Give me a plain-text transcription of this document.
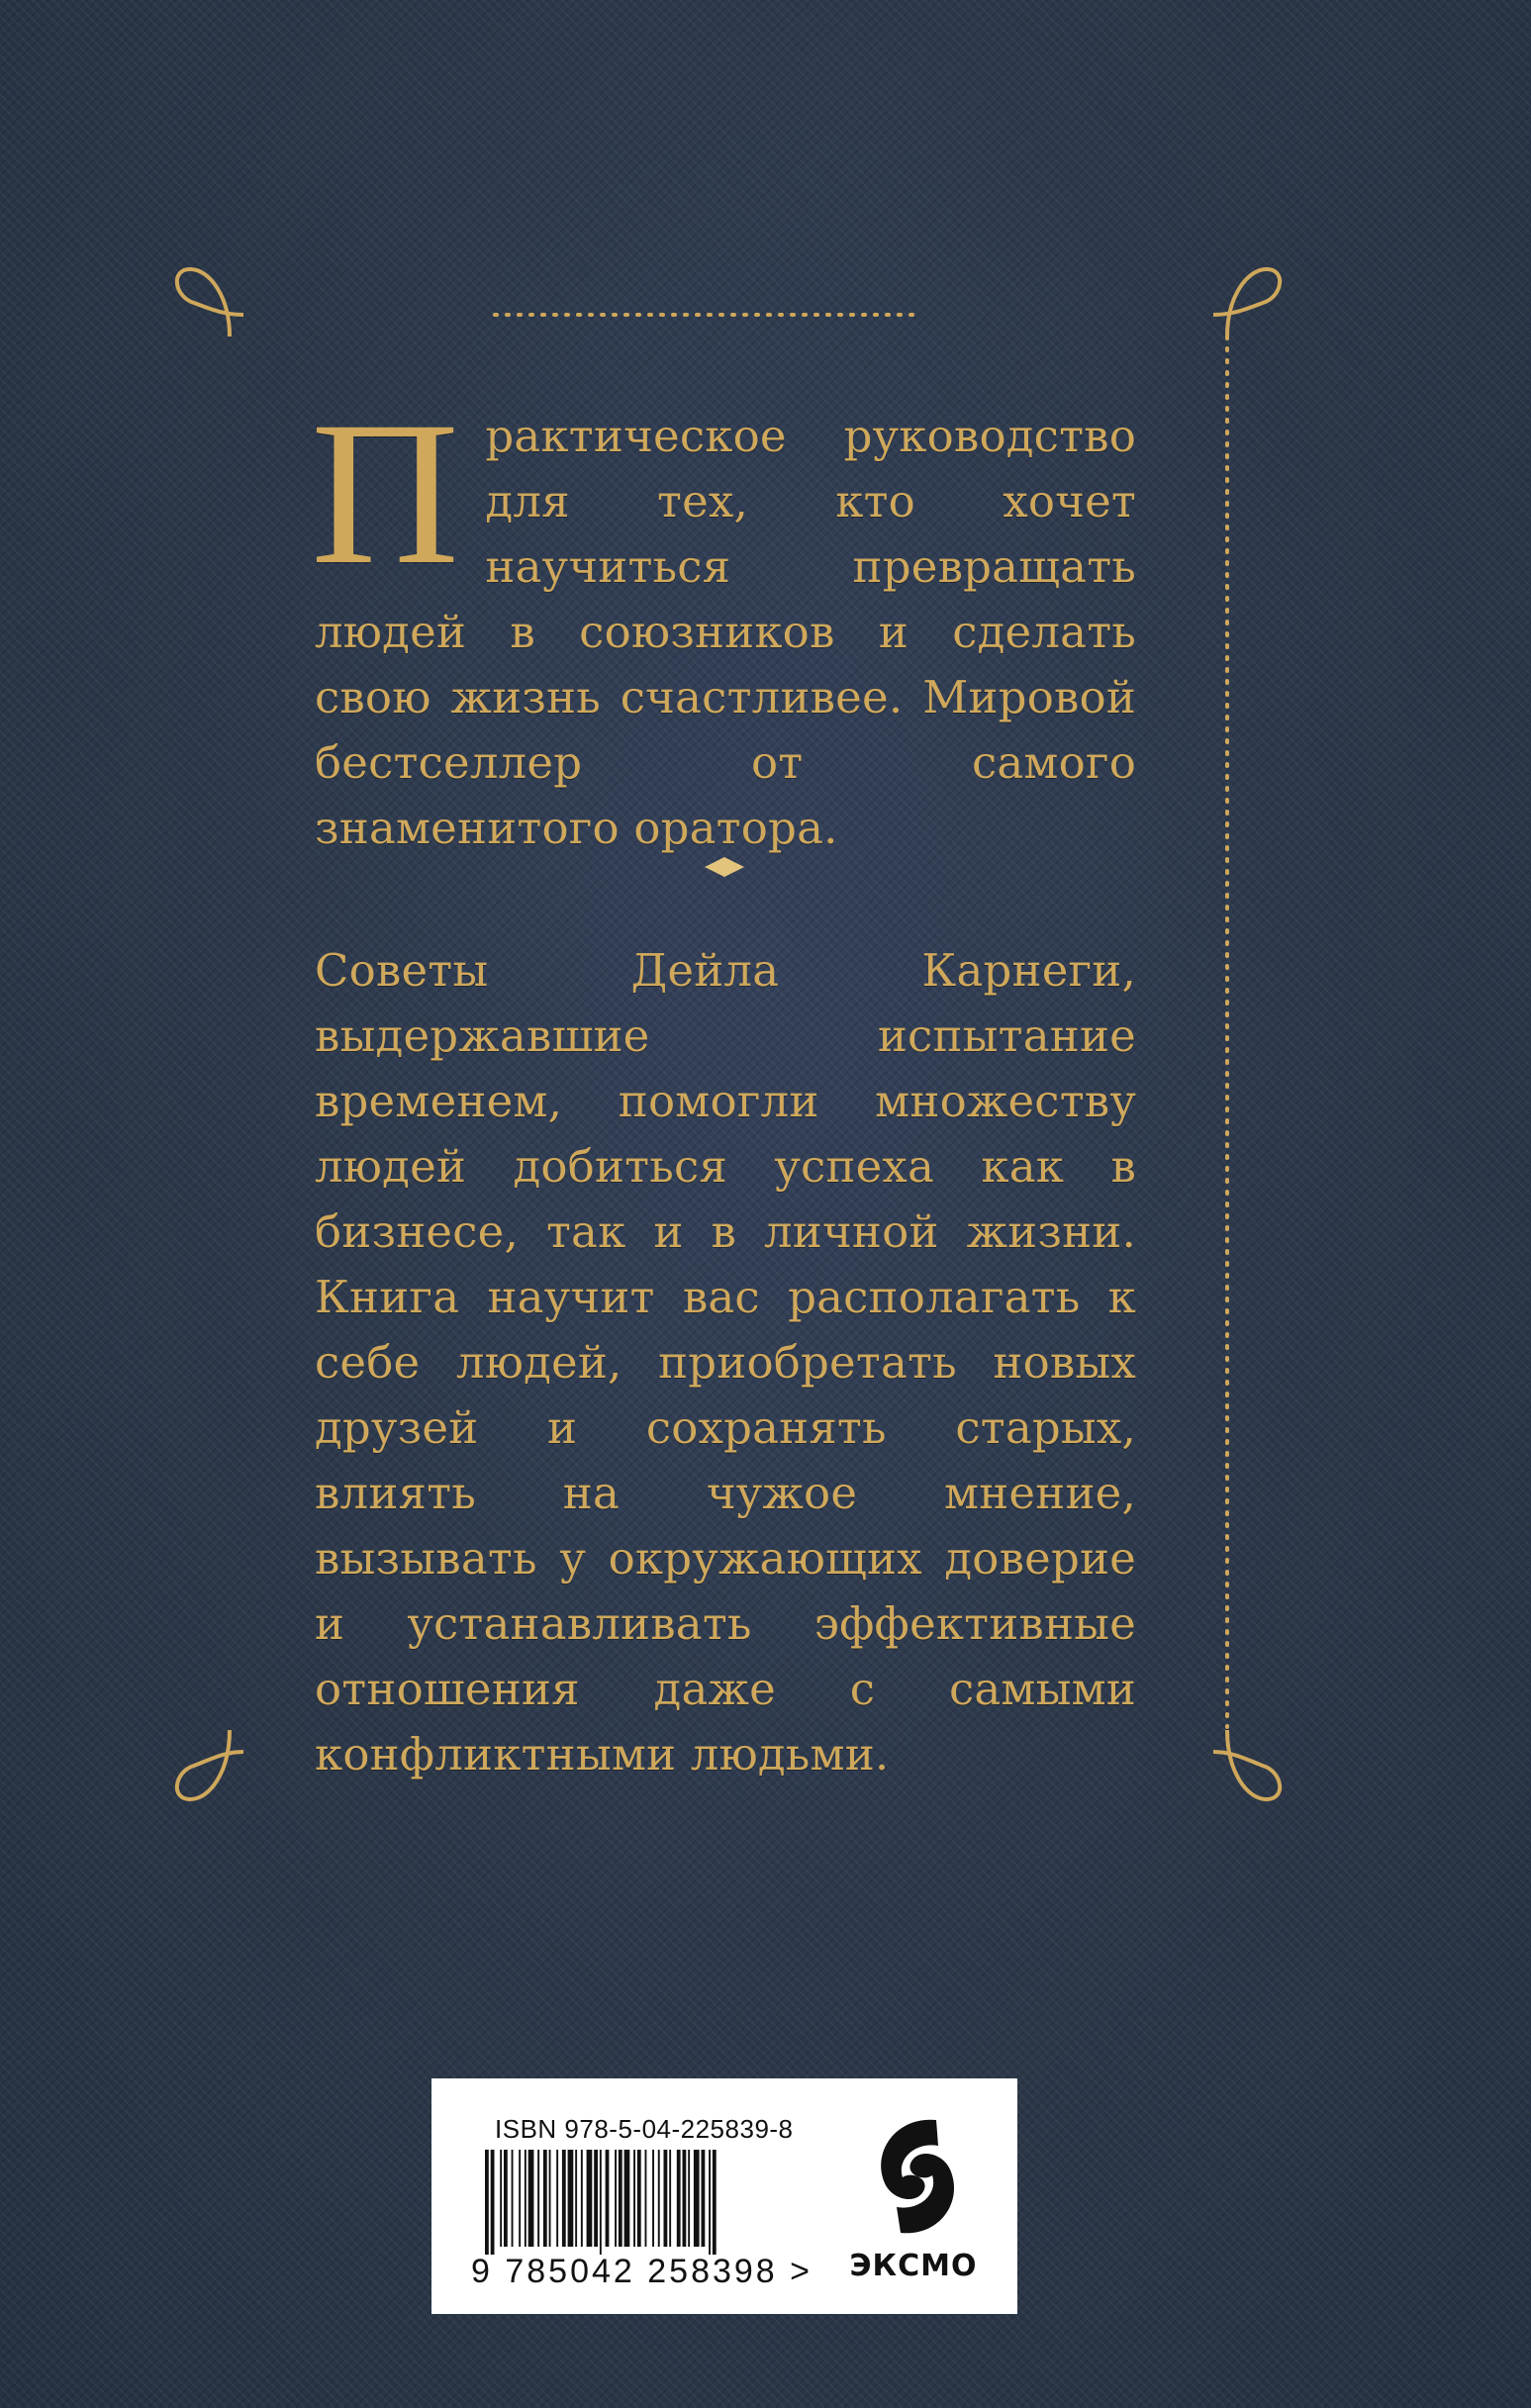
Практическое руководство для тех, кто хочет научиться превращать людей в союзников и сделать свою жизнь счастливее. Мировой бестселлер от самого знаменитого оратора.

Советы Дейла Карнеги, выдержавшие испытание временем, помогли множеству людей добиться успеха как в бизнесе, так и в личной жизни. Книга научит вас располагать к себе людей, приобретать новых друзей и сохранять старых, влиять на чужое мнение, вызывать у окружающих доверие и устанавливать эффективные отношения даже с самыми конфликтными людьми.

ISBN 978-5-04-225839-8
9 785042 258398 > ЭКСМО
